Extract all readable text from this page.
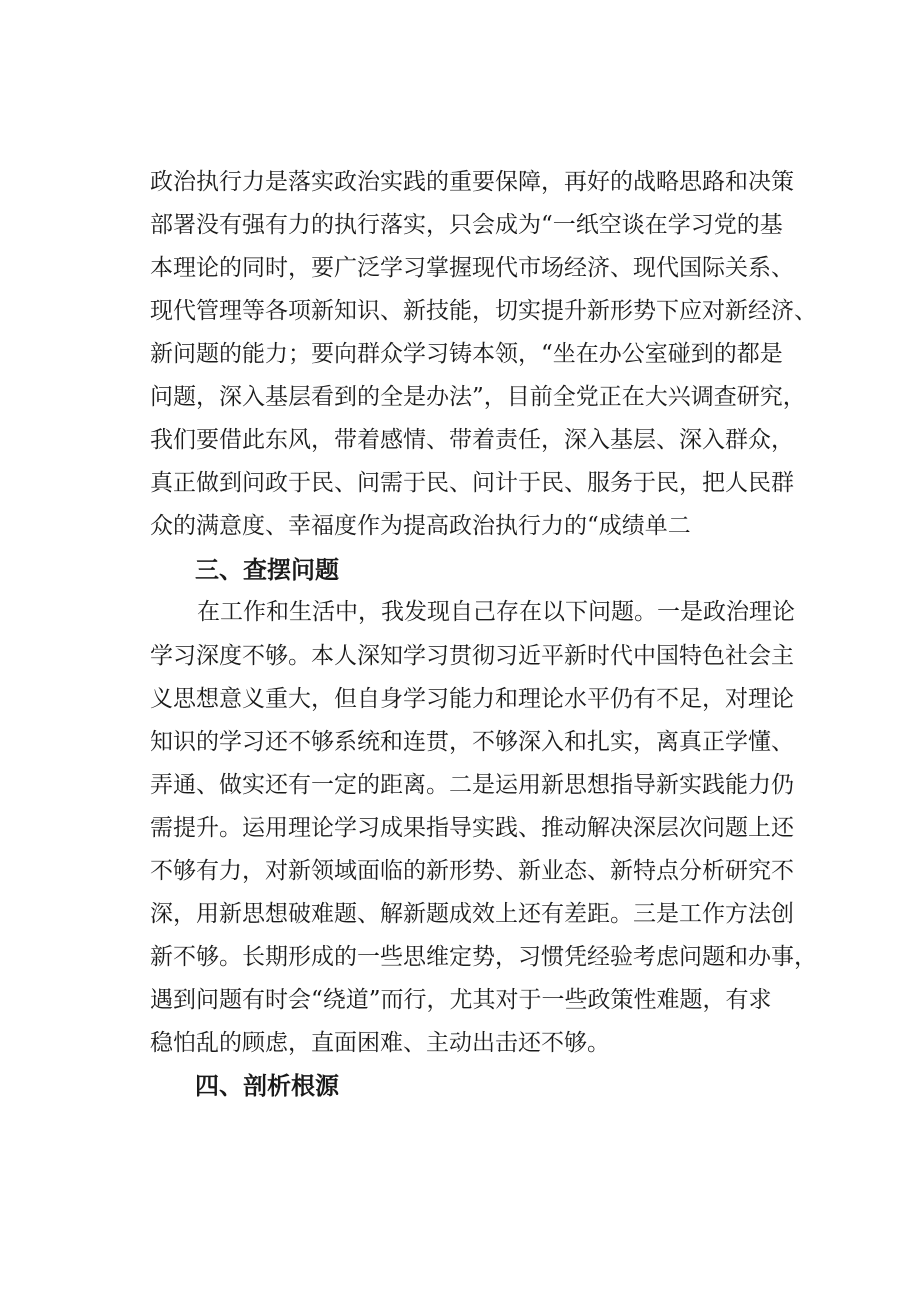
政治执行力是落实政治实践的重要保障，再好的战略思路和决策
部署没有强有力的执行落实，只会成为“一纸空谈在学习党的基
本理论的同时，要广泛学习掌握现代市场经济、现代国际关系、
现代管理等各项新知识、新技能，切实提升新形势下应对新经济、
新问题的能力；要向群众学习铸本领，“坐在办公室碰到的都是
问题，深入基层看到的全是办法”，目前全党正在大兴调查研究，
我们要借此东风，带着感情、带着责任，深入基层、深入群众，
真正做到问政于民、问需于民、问计于民、服务于民，把人民群
众的满意度、幸福度作为提高政治执行力的“成绩单二
三、查摆问题
在工作和生活中，我发现自己存在以下问题。一是政治理论
学习深度不够。本人深知学习贯彻习近平新时代中国特色社会主
义思想意义重大，但自身学习能力和理论水平仍有不足，对理论
知识的学习还不够系统和连贯，不够深入和扎实，离真正学懂、
弄通、做实还有一定的距离。二是运用新思想指导新实践能力仍
需提升。运用理论学习成果指导实践、推动解决深层次问题上还
不够有力，对新领域面临的新形势、新业态、新特点分析研究不
深，用新思想破难题、解新题成效上还有差距。三是工作方法创
新不够。长期形成的一些思维定势，习惯凭经验考虑问题和办事，
遇到问题有时会“绕道”而行，尤其对于一些政策性难题，有求
稳怕乱的顾虑，直面困难、主动出击还不够。
四、剖析根源
